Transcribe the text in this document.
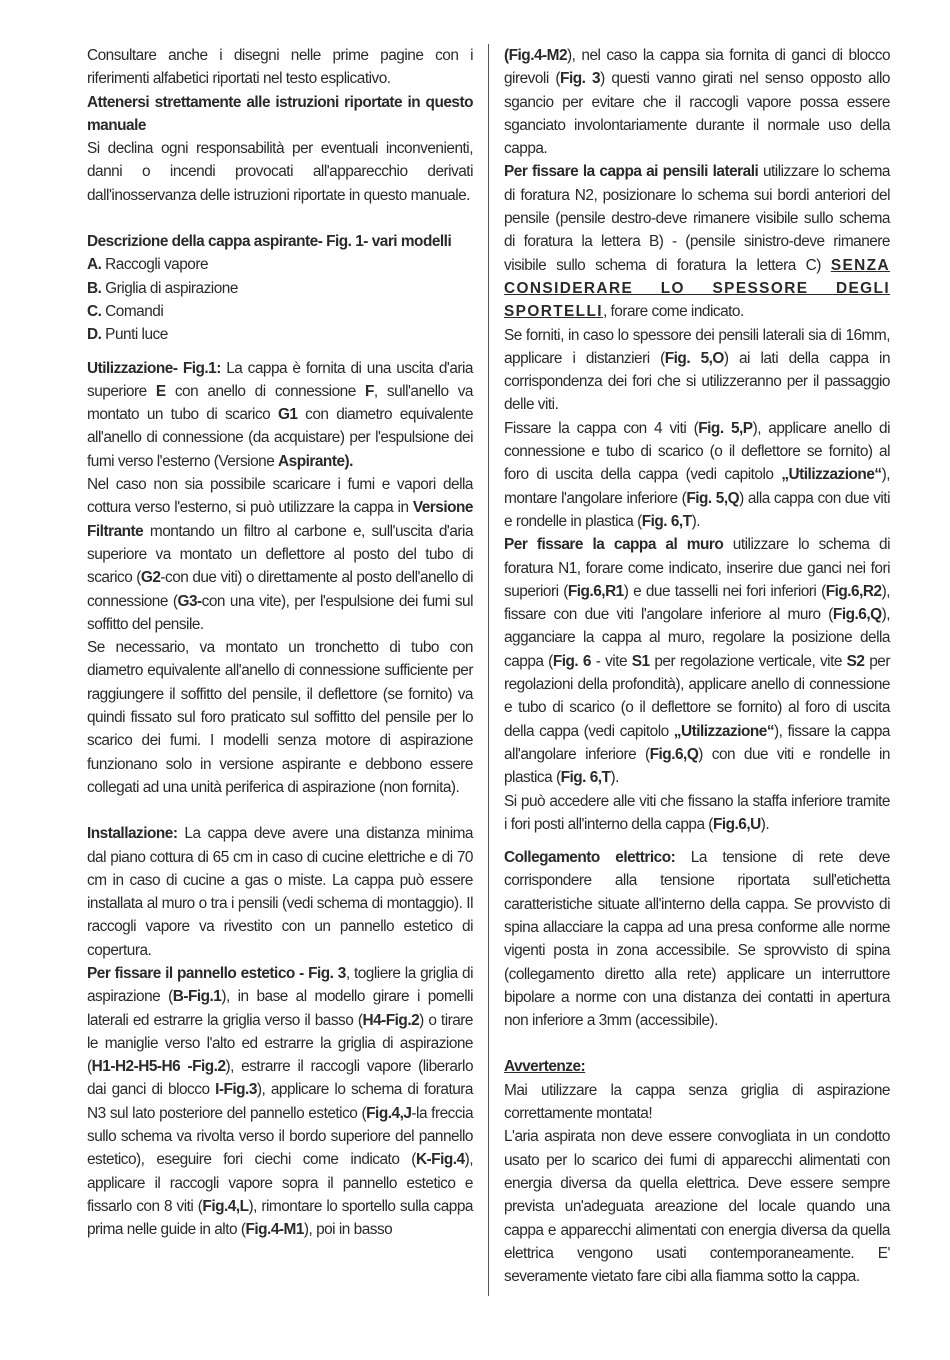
Consultare anche i disegni nelle prime pagine con i riferimenti alfabetici riportati nel testo esplicativo.

Attenersi strettamente alle istruzioni riportate in questo manuale

Si declina ogni responsabilità per eventuali inconvenienti, danni o incendi provocati all'apparecchio derivati dall'inosservanza delle istruzioni riportate in questo manuale.

Descrizione della cappa aspirante- Fig. 1- vari modelli

A. Raccogli vapore

B. Griglia di aspirazione

C. Comandi

D. Punti luce

Utilizzazione- Fig.1: La cappa è fornita di una uscita d'aria superiore E con anello di connessione F, sull'anello va montato un tubo di scarico G1 con diametro equivalente all'anello di connessione (da acquistare) per l'espulsione dei fumi verso l'esterno (Versione Aspirante).

Nel caso non sia possibile scaricare i fumi e vapori della cottura verso l'esterno, si può utilizzare la cappa in Versione Filtrante montando un filtro al carbone e, sull'uscita d'aria superiore va montato un deflettore al posto del tubo di scarico (G2-con due viti) o direttamente al posto dell'anello di connessione (G3-con una vite), per l'espulsione dei fumi sul soffitto del pensile.

Se necessario, va montato un tronchetto di tubo con diametro equivalente all'anello di connessione sufficiente per raggiungere il soffitto del pensile, il deflettore (se fornito) va quindi fissato sul foro praticato sul soffitto del pensile per lo scarico dei fumi. I modelli senza motore di aspirazione funzionano solo in versione aspirante e debbono essere collegati ad una unità periferica di aspirazione (non fornita).

Installazione: La cappa deve avere una distanza minima dal piano cottura di 65 cm in caso di cucine elettriche e di 70 cm in caso di cucine a gas o miste. La cappa può essere installata al muro o tra i pensili (vedi schema di montaggio). Il raccogli vapore va rivestito con un pannello estetico di copertura.

Per fissare il pannello estetico - Fig. 3, togliere la griglia di aspirazione (B-Fig.1), in base al modello girare i pomelli laterali ed estrarre la griglia verso il basso (H4-Fig.2) o tirare le maniglie verso l'alto ed estrarre la griglia di aspirazione (H1-H2-H5-H6 -Fig.2), estrarre il raccogli vapore (liberarlo dai ganci di blocco I-Fig.3), applicare lo schema di foratura N3 sul lato posteriore del pannello estetico (Fig.4,J-la freccia sullo schema va rivolta verso il bordo superiore del pannello estetico), eseguire fori ciechi come indicato (K-Fig.4), applicare il raccogli vapore sopra il pannello estetico e fissarlo con 8 viti (Fig.4,L), rimontare lo sportello sulla cappa prima nelle guide in alto (Fig.4-M1), poi in basso

(Fig.4-M2), nel caso la cappa sia fornita di ganci di blocco girevoli (Fig. 3) questi vanno girati nel senso opposto allo sgancio per evitare che il raccogli vapore possa essere sganciato involontariamente durante il normale uso della cappa.

Per fissare la cappa ai pensili laterali utilizzare lo schema di foratura N2, posizionare lo schema sui bordi anteriori del pensile (pensile destro-deve rimanere visibile sullo schema di foratura la lettera B) - (pensile sinistro-deve rimanere visibile sullo schema di foratura la lettera C) SENZA CONSIDERARE LO SPESSORE DEGLI SPORTELLI, forare come indicato.

Se forniti, in caso lo spessore dei pensili laterali sia di 16mm, applicare i distanzieri (Fig. 5,O) ai lati della cappa in corrispondenza dei fori che si utilizzeranno per il passaggio delle viti.

Fissare la cappa con 4 viti (Fig. 5,P), applicare anello di connessione e tubo di scarico (o il deflettore se fornito) al foro di uscita della cappa (vedi capitolo „Utilizzazione“), montare l'angolare inferiore (Fig. 5,Q) alla cappa con due viti e rondelle in plastica (Fig. 6,T).

Per fissare la cappa al muro utilizzare lo schema di foratura N1, forare come indicato, inserire due ganci nei fori superiori (Fig.6,R1) e due tasselli nei fori inferiori (Fig.6,R2), fissare con due viti l'angolare inferiore al muro (Fig.6,Q), agganciare la cappa al muro, regolare la posizione della cappa (Fig. 6 - vite S1 per regolazione verticale, vite S2 per regolazioni della profondità), applicare anello di connessione e tubo di scarico (o il deflettore se fornito) al foro di uscita della cappa (vedi capitolo „Utilizzazione“), fissare la cappa all'angolare inferiore (Fig.6,Q) con due viti e rondelle in plastica (Fig. 6,T).

Si può accedere alle viti che fissano la staffa inferiore tramite i fori posti all'interno della cappa (Fig.6,U).

Collegamento elettrico: La tensione di rete deve corrispondere alla tensione riportata sull'etichetta caratteristiche situate all'interno della cappa. Se provvisto di spina allacciare la cappa ad una presa conforme alle norme vigenti posta in zona accessibile. Se sprovvisto di spina (collegamento diretto alla rete) applicare un interruttore bipolare a norme con una distanza dei contatti in apertura non inferiore a 3mm (accessibile).

Avvertenze:

Mai utilizzare la cappa senza griglia di aspirazione correttamente montata!

L'aria aspirata non deve essere convogliata in un condotto usato per lo scarico dei fumi di apparecchi alimentati con energia diversa da quella elettrica. Deve essere sempre prevista un'adeguata areazione del locale quando una cappa e apparecchi alimentati con energia diversa da quella elettrica vengono usati contemporaneamente. E' severamente vietato fare cibi alla fiamma sotto la cappa.
